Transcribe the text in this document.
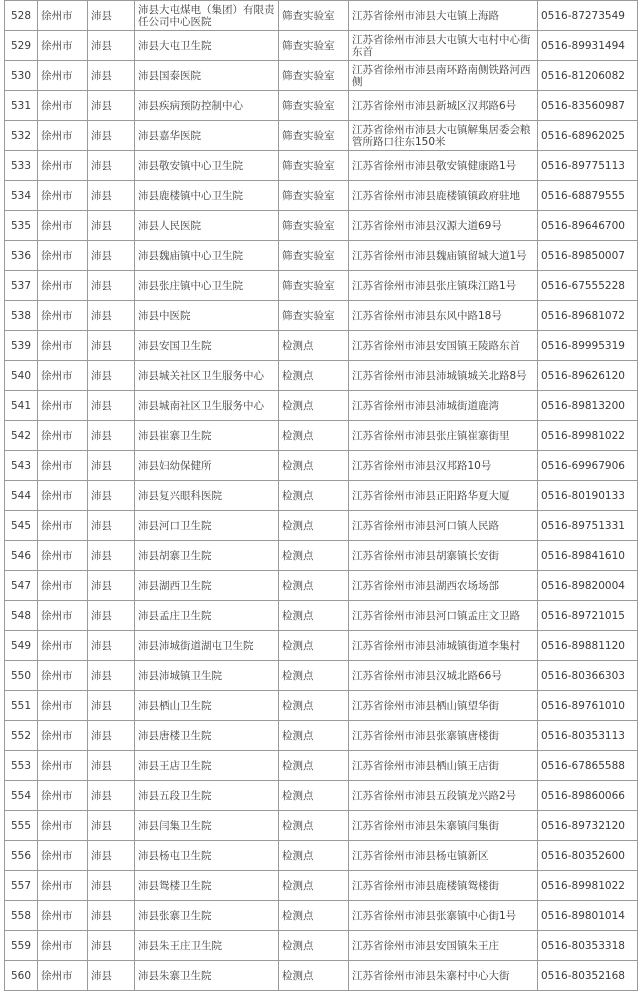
528	徐州市	沛县	沛县大屯煤电（集团）有限责任公司中心医院	筛查实验室	江苏省徐州市沛县大屯镇上海路	0516-87273549
529	徐州市	沛县	沛县大屯卫生院	筛查实验室	江苏省徐州市沛县大屯镇大屯村中心街东首	0516-89931494
530	徐州市	沛县	沛县国泰医院	筛查实验室	江苏省徐州市沛县南环路南侧铁路河西侧	0516-81206082
531	徐州市	沛县	沛县疾病预防控制中心	筛查实验室	江苏省徐州市沛县新城区汉邦路6号	0516-83560987
532	徐州市	沛县	沛县嘉华医院	筛查实验室	江苏省徐州市沛县大屯镇解集居委会粮管所路口往东150米	0516-68962025
533	徐州市	沛县	沛县敬安镇中心卫生院	筛查实验室	江苏省徐州市沛县敬安镇健康路1号	0516-89775113
534	徐州市	沛县	沛县鹿楼镇中心卫生院	筛查实验室	江苏省徐州市沛县鹿楼镇镇政府驻地	0516-68879555
535	徐州市	沛县	沛县人民医院	筛查实验室	江苏省徐州市沛县汉源大道69号	0516-89646700
536	徐州市	沛县	沛县魏庙镇中心卫生院	筛查实验室	江苏省徐州市沛县魏庙镇留城大道1号	0516-89850007
537	徐州市	沛县	沛县张庄镇中心卫生院	筛查实验室	江苏省徐州市沛县张庄镇珠江路1号	0516-67555228
538	徐州市	沛县	沛县中医院	筛查实验室	江苏省徐州市沛县东风中路18号	0516-89681072
539	徐州市	沛县	沛县安国卫生院	检测点	江苏省徐州市沛县安国镇王陵路东首	0516-89995319
540	徐州市	沛县	沛县城关社区卫生服务中心	检测点	江苏省徐州市沛县沛城镇城关北路8号	0516-89626120
541	徐州市	沛县	沛县城南社区卫生服务中心	检测点	江苏省徐州市沛县沛城街道鹿湾	0516-89813200
542	徐州市	沛县	沛县崔寨卫生院	检测点	江苏省徐州市沛县张庄镇崔寨街里	0516-89981022
543	徐州市	沛县	沛县妇幼保健所	检测点	江苏省徐州市沛县汉邦路10号	0516-69967906
544	徐州市	沛县	沛县复兴眼科医院	检测点	江苏省徐州市沛县正阳路华夏大厦	0516-80190133
545	徐州市	沛县	沛县河口卫生院	检测点	江苏省徐州市沛县河口镇人民路	0516-89751331
546	徐州市	沛县	沛县胡寨卫生院	检测点	江苏省徐州市沛县胡寨镇长安街	0516-89841610
547	徐州市	沛县	沛县湖西卫生院	检测点	江苏省徐州市沛县湖西农场场部	0516-89820004
548	徐州市	沛县	沛县孟庄卫生院	检测点	江苏省徐州市沛县河口镇孟庄文卫路	0516-89721015
549	徐州市	沛县	沛县沛城街道湖屯卫生院	检测点	江苏省徐州市沛县沛城镇街道李集村	0516-89881120
550	徐州市	沛县	沛县沛城镇卫生院	检测点	江苏省徐州市沛县汉城北路66号	0516-80366303
551	徐州市	沛县	沛县栖山卫生院	检测点	江苏省徐州市沛县栖山镇望华街	0516-89761010
552	徐州市	沛县	沛县唐楼卫生院	检测点	江苏省徐州市沛县张寨镇唐楼街	0516-80353113
553	徐州市	沛县	沛县王店卫生院	检测点	江苏省徐州市沛县栖山镇王店街	0516-67865588
554	徐州市	沛县	沛县五段卫生院	检测点	江苏省徐州市沛县五段镇龙兴路2号	0516-89860066
555	徐州市	沛县	沛县闫集卫生院	检测点	江苏省徐州市沛县朱寨镇闫集街	0516-89732120
556	徐州市	沛县	沛县杨屯卫生院	检测点	江苏省徐州市沛县杨屯镇新区	0516-80352600
557	徐州市	沛县	沛县鸳楼卫生院	检测点	江苏省徐州市沛县鹿楼镇鸳楼街	0516-89981022
558	徐州市	沛县	沛县张寨卫生院	检测点	江苏省徐州市沛县张寨镇中心街1号	0516-89801014
559	徐州市	沛县	沛县朱王庄卫生院	检测点	江苏省徐州市沛县安国镇朱王庄	0516-80353318
560	徐州市	沛县	沛县朱寨卫生院	检测点	江苏省徐州市沛县朱寨村中心大街	0516-80352168
